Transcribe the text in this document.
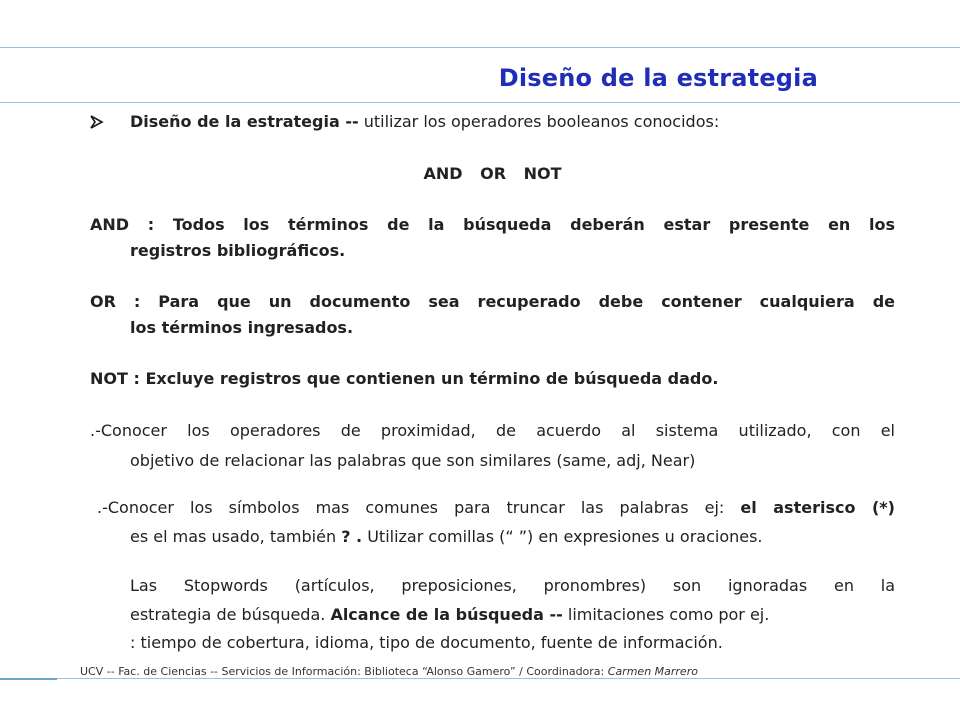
Diseño de la estrategia
Diseño de la estrategia -- utilizar los operadores booleanos conocidos:
AND OR NOT
AND : Todos los términos de la búsqueda deberán estar presente en los
registros bibliográficos.
OR : Para que un documento sea recuperado debe contener cualquiera de
los términos ingresados.
NOT : Excluye registros que contienen un término de búsqueda dado.
.-Conocer los operadores de proximidad, de acuerdo al sistema utilizado, con el
objetivo de relacionar las palabras que son similares (same, adj, Near)
.-Conocer los símbolos mas comunes para truncar las palabras ej: el asterisco (*)
es el mas usado, también ? . Utilizar comillas (“ ”) en expresiones u oraciones.
Las Stopwords (artículos, preposiciones, pronombres) son ignoradas en la
estrategia de búsqueda. Alcance de la búsqueda -- limitaciones como por ej.
: tiempo de cobertura, idioma, tipo de documento, fuente de información.
UCV -- Fac. de Ciencias -- Servicios de Información: Biblioteca “Alonso Gamero” / Coordinadora: Carmen Marrero
